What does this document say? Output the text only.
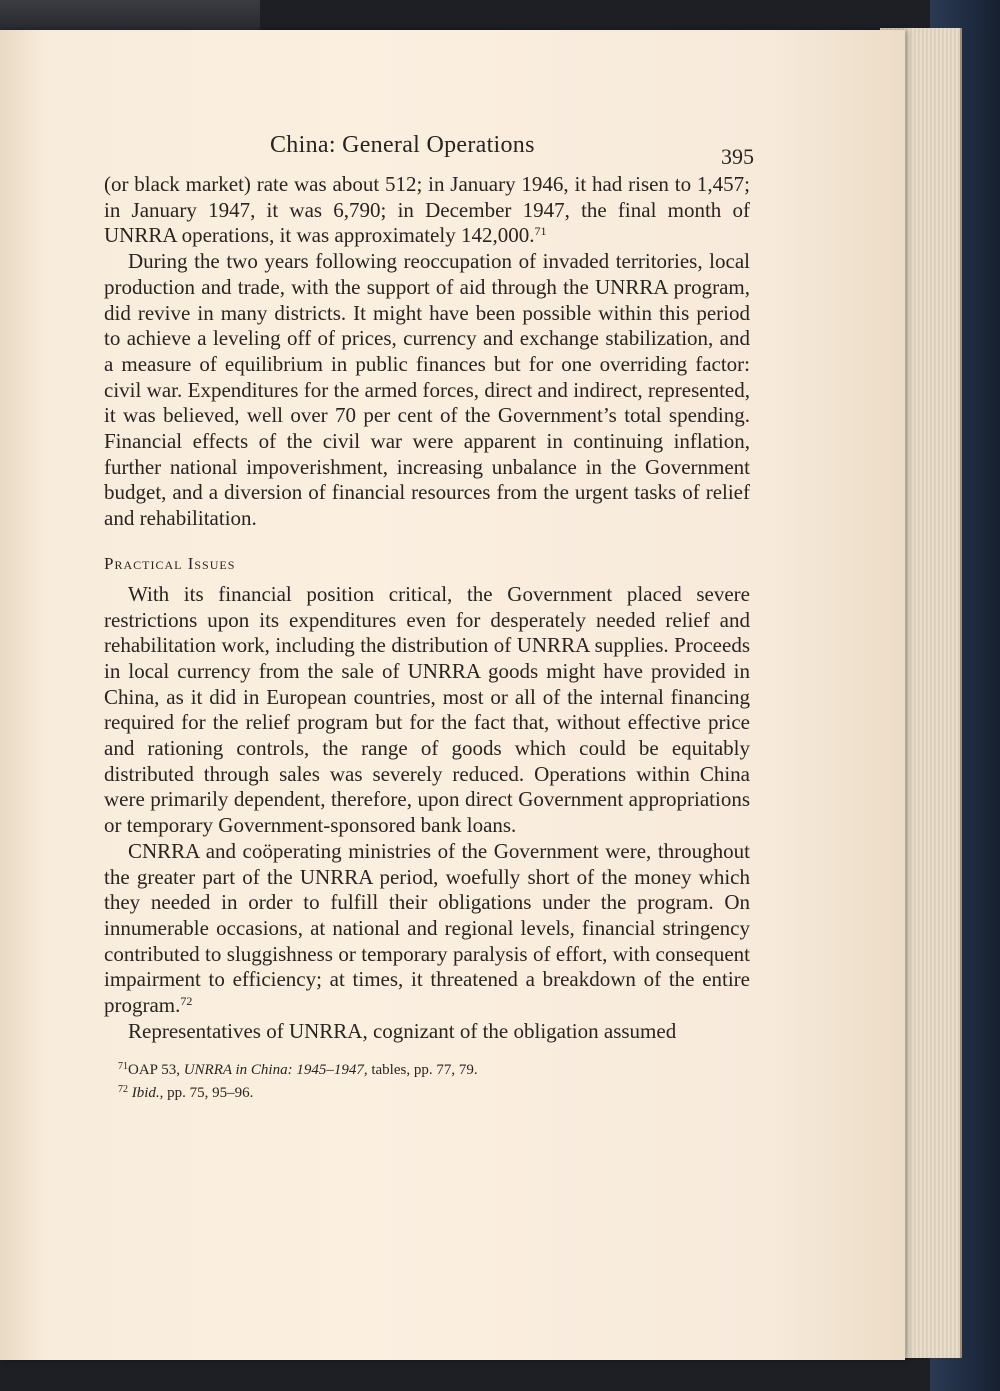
China: General Operations	395

(or black market) rate was about 512; in January 1946, it had risen to 1,457; in January 1947, it was 6,790; in December 1947, the final month of UNRRA operations, it was approximately 142,000.71

During the two years following reoccupation of invaded territories, local production and trade, with the support of aid through the UNRRA program, did revive in many districts. It might have been possible within this period to achieve a leveling off of prices, currency and exchange stabilization, and a measure of equilibrium in public finances but for one overriding factor: civil war. Expenditures for the armed forces, direct and indirect, represented, it was believed, well over 70 per cent of the Government’s total spending. Financial effects of the civil war were apparent in continuing inflation, further national impoverishment, increasing unbalance in the Government budget, and a diversion of financial resources from the urgent tasks of relief and rehabilitation.

Practical Issues

With its financial position critical, the Government placed severe restrictions upon its expenditures even for desperately needed relief and rehabilitation work, including the distribution of UNRRA supplies. Proceeds in local currency from the sale of UNRRA goods might have provided in China, as it did in European countries, most or all of the internal financing required for the relief program but for the fact that, without effective price and rationing controls, the range of goods which could be equitably distributed through sales was severely reduced. Operations within China were primarily dependent, therefore, upon direct Government appropriations or temporary Government-sponsored bank loans.

CNRRA and coöperating ministries of the Government were, throughout the greater part of the UNRRA period, woefully short of the money which they needed in order to fulfill their obligations under the program. On innumerable occasions, at national and regional levels, financial stringency contributed to sluggishness or temporary paralysis of effort, with consequent impairment to efficiency; at times, it threatened a breakdown of the entire program.$^{72}$

Representatives of UNRRA, cognizant of the obligation assumed

$^{71}$OAP 53, UNRRA in China: 1945–1947, tables, pp. 77, 79.
$^{72}$ Ibid., pp. 75, 95–96.
